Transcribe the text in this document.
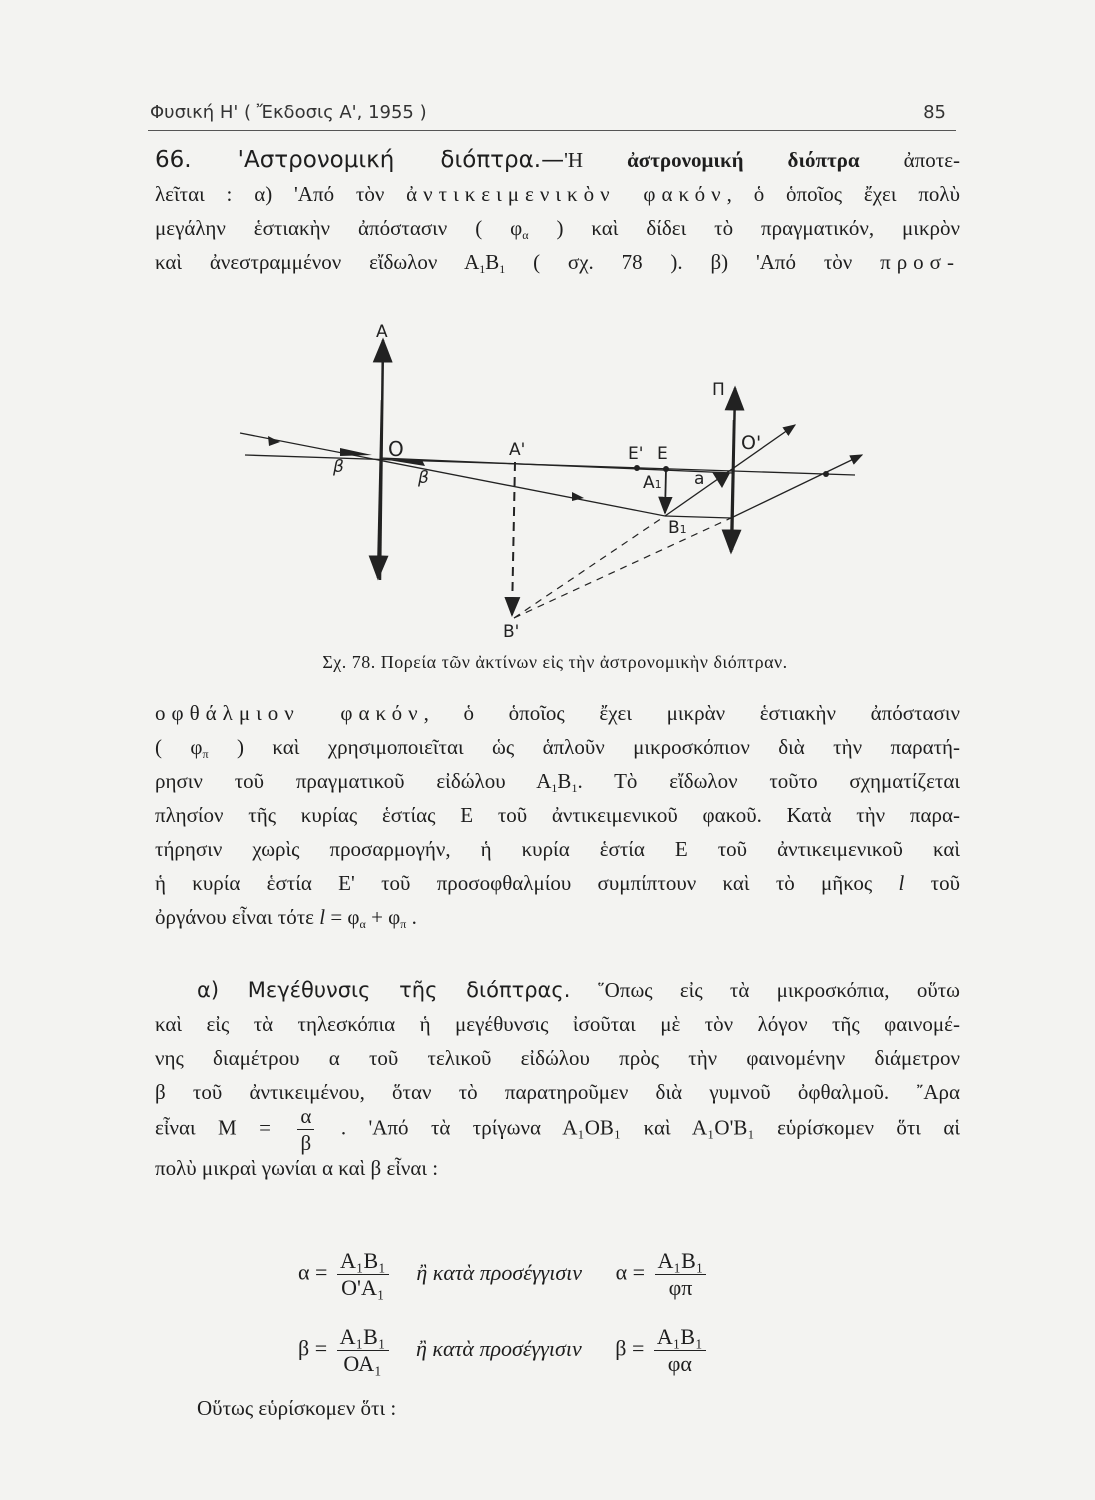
Φυσική Η' ( Ἔκδοσις Α', 1955 )	85
66. 'Αστρονομική διόπτρα.—'Η ἀστρονομική διόπτρα ἀποτε-
λεῖται : α) 'Από τὸν ἀντικειμενικὸν φακόν, ὁ ὁποῖος ἔχει πολὺ
μεγάλην ἑστιακὴν ἀπόστασιν ( φα ) καὶ δίδει τὸ πραγματικόν, μικρὸν
καὶ ἀνεστραμμένον εἴδωλον Α1Β1 ( σχ. 78 ). β) 'Από τὸν προσ-
A
O
β
β
A'	E' E
A1
B1
a
Π
O'
B'
Σχ. 78. Πορεία τῶν ἀκτίνων εἰς τὴν ἀστρονομικὴν διόπτραν.
οφθάλμιον φακόν, ὁ ὁποῖος ἔχει μικρὰν ἑστιακὴν ἀπόστασιν
( φπ ) καὶ χρησιμοποιεῖται ὡς ἁπλοῦν μικροσκόπιον διὰ τὴν παρατή-
ρησιν τοῦ πραγματικοῦ εἰδώλου Α1Β1. Τὸ εἴδωλον τοῦτο σχηματίζεται
πλησίον τῆς κυρίας ἑστίας Ε τοῦ ἀντικειμενικοῦ φακοῦ. Κατὰ τὴν παρα-
τήρησιν χωρὶς προσαρμογήν, ἡ κυρία ἑστία Ε τοῦ ἀντικειμενικοῦ καὶ
ἡ κυρία ἑστία Ε' τοῦ προσοφθαλμίου συμπίπτουν καὶ τὸ μῆκος l τοῦ
ὀργάνου εἶναι τότε l = φα + φπ .
α) Μεγέθυνσις τῆς διόπτρας. ῞Οπως εἰς τὰ μικροσκόπια, οὕτω
καὶ εἰς τὰ τηλεσκόπια ἡ μεγέθυνσις ἰσοῦται μὲ τὸν λόγον τῆς φαινομέ-
νης διαμέτρου α τοῦ τελικοῦ εἰδώλου πρὸς τὴν φαινομένην διάμετρον
β τοῦ ἀντικειμένου, ὅταν τὸ παρατηροῦμεν διὰ γυμνοῦ ὀφθαλμοῦ. ῎Αρα
εἶναι $M = \frac{\alpha}{\beta}$ . 'Από τὰ τρίγωνα Α₁ΟΒ₁ καὶ Α₁Ο'Β₁ εὑρίσκομεν ὅτι αἱ
πολὺ μικραὶ γωνίαι α καὶ β εἶναι :
$\alpha = \frac{\text{Α₁Β₁}}{\text{Ο'Α₁}}$ ἢ κατὰ προσέγγισιν $\alpha = \frac{\text{Α₁Β₁}}{\varphi\pi}$
$\beta = \frac{\text{Α₁Β₁}}{\text{ΟΑ₁}}$ ἢ κατὰ προσέγγισιν $\beta = \frac{\text{Α₁Β₁}}{\varphi\alpha}$
Οὕτως εὑρίσκομεν ὅτι :
